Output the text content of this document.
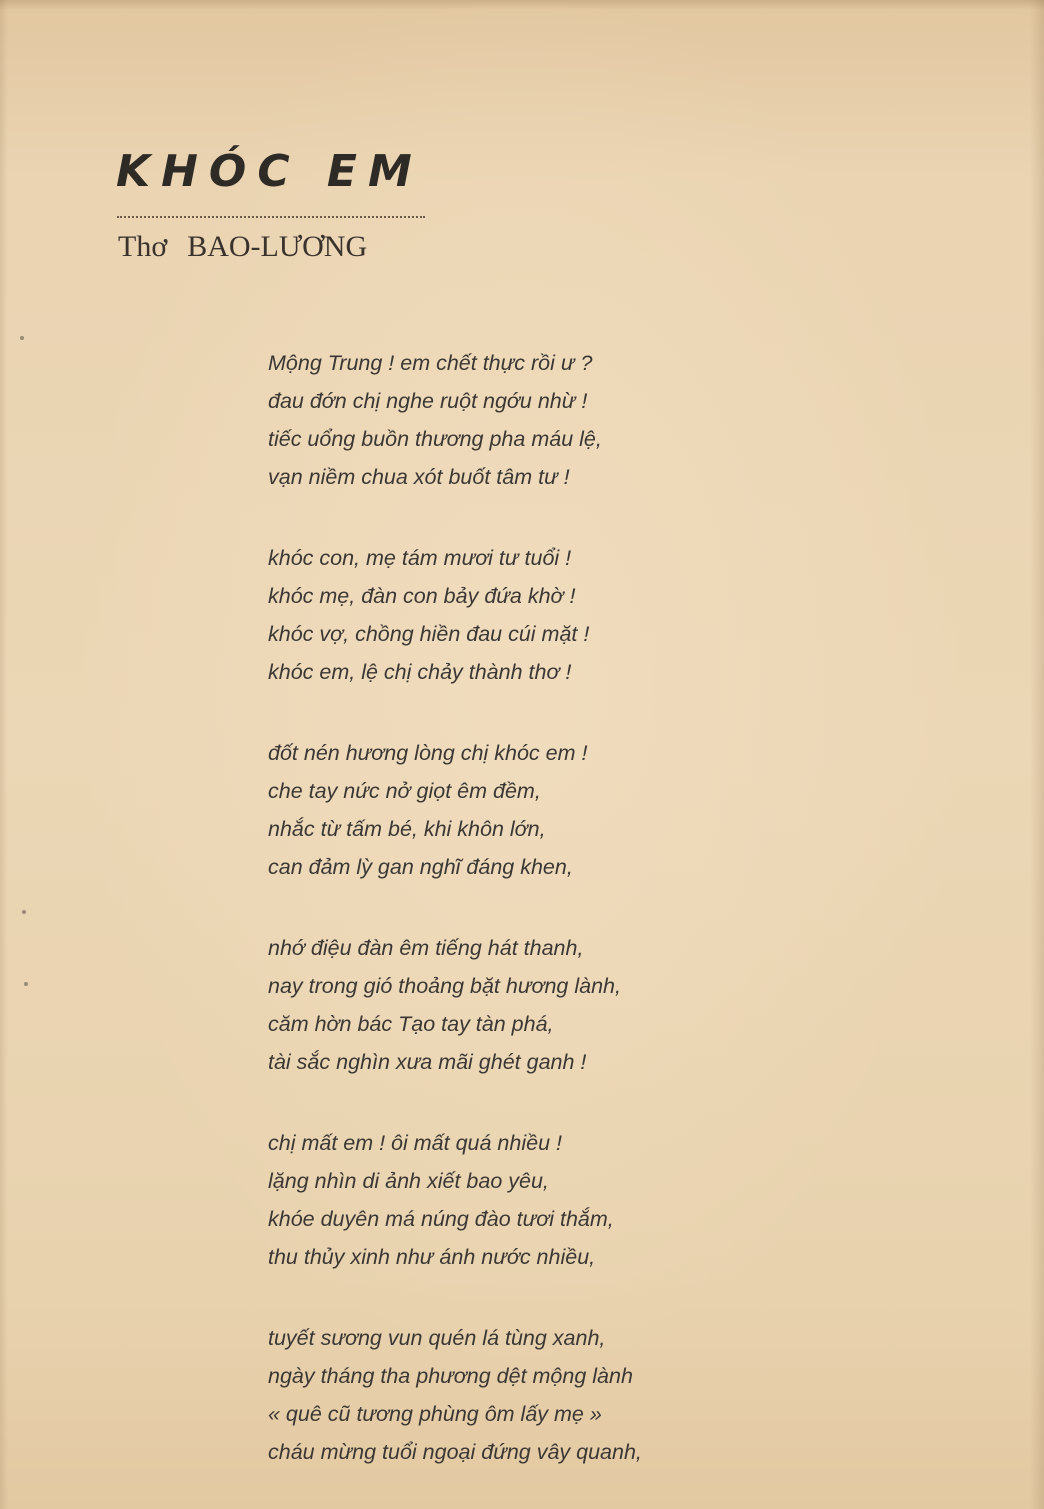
KHÓC EM
Thơ BAO-LƯƠNG
Mộng Trung ! em chết thực rồi ư ?
đau đớn chị nghe ruột ngớu nhừ !
tiếc uổng buồn thương pha máu lệ,
vạn niềm chua xót buốt tâm tư !
khóc con, mẹ tám mươi tư tuổi !
khóc mẹ, đàn con bảy đứa khờ !
khóc vợ, chồng hiền đau cúi mặt !
khóc em, lệ chị chảy thành thơ !
đốt nén hương lòng chị khóc em !
che tay nức nở giọt êm đềm,
nhắc từ tấm bé, khi khôn lớn,
can đảm lỳ gan nghĩ đáng khen,
nhớ điệu đàn êm tiếng hát thanh,
nay trong gió thoảng bặt hương lành,
căm hờn bác Tạo tay tàn phá,
tài sắc nghìn xưa mãi ghét ganh !
chị mất em ! ôi mất quá nhiều !
lặng nhìn di ảnh xiết bao yêu,
khóe duyên má núng đào tươi thắm,
thu thủy xinh như ánh nước nhiều,
tuyết sương vun quén lá tùng xanh,
ngày tháng tha phương dệt mộng lành
« quê cũ tương phùng ôm lấy mẹ »
cháu mừng tuổi ngoại đứng vây quanh,
